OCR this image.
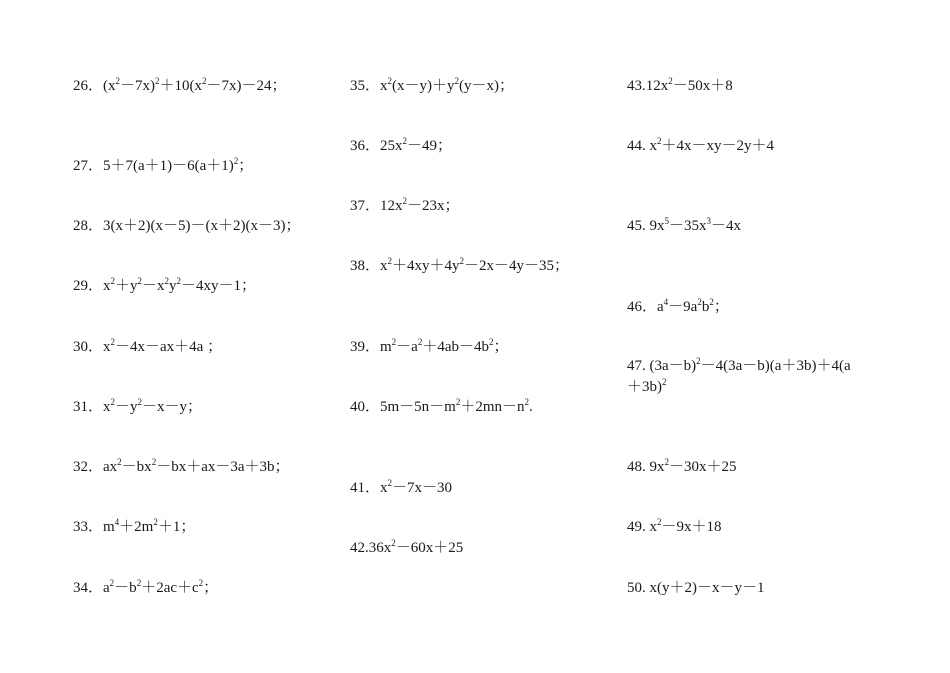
26．$(x^2-7x)^2+10(x^2-7x)-24$；
27．$5+7(a+1)-6(a+1)^2$；
28．3(x＋2)(x－5)－(x＋2)(x－3)；
29．$x^2+y^2-x^2y^2-4xy-1$；
30．$x^2-4x-ax+4a$ ；
31．$x^2-y^2-x-y$；
32．$ax^2-bx^2-bx+ax-3a+3b$；
33．$m^4+2m^2+1$；
34．$a^2-b^2+2ac+c^2$；
35．$x^2(x-y)+y^2(y-x)$；
36．$25x^2-49$；
37．$12x^2-23x$；
38．$x^2+4xy+4y^2-2x-4y-35$；
39．$m^2-a^2+4ab-4b^2$；
40．$5m-5n-m^2+2mn-n^2$.
41．$x^2-7x-30$
$42.36x^2-60x+25$
$43.12x^2-50x+8$
44. $x^2+4x-xy-2y+4$
45. $9x^5-35x^3-4x$
46．$a^4-9a^2b^2$；
47. $(3a-b)^2-4(3a-b)(a+3b)+4(a+3b)^2$
48. $9x^2-30x+25$
49. $x^2-9x+18$
50. x(y＋2)－x－y－1
